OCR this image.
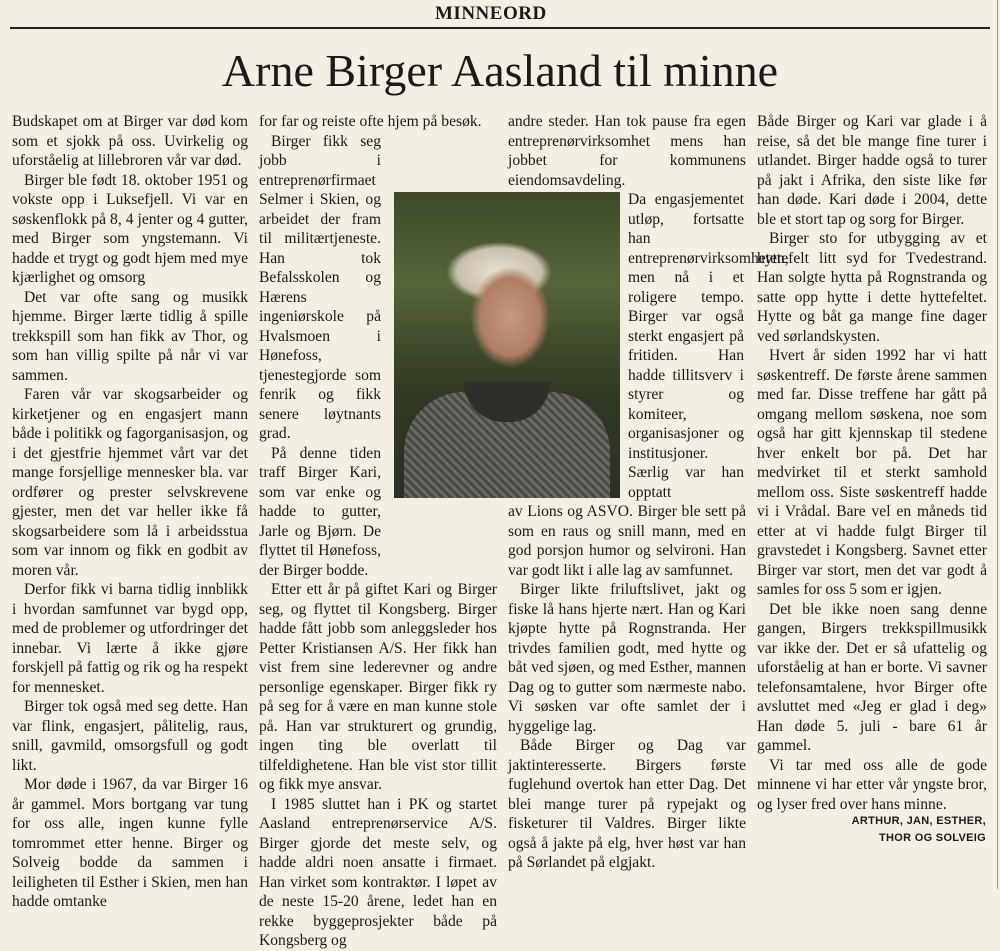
MINNEORD
Arne Birger Aasland til minne

Budskapet om at Birger var død kom som et sjokk på oss. Uvirkelig og uforståelig at lillebroren vår var død.

Birger ble født 18. oktober 1951 og vokste opp i Luksefjell. Vi var en søskenflokk på 8, 4 jenter og 4 gutter, med Birger som yngstemann. Vi hadde et trygt og godt hjem med mye kjærlighet og omsorg

Det var ofte sang og musikk hjemme. Birger lærte tidlig å spille trekkspill som han fikk av Thor, og som han villig spilte på når vi var sammen.

Faren vår var skogsarbeider og kirketjener og en engasjert mann både i politikk og fagorganisasjon, og i det gjestfrie hjemmet vårt var det mange forsjellige mennesker bla. var ordfører og prester selvskrevene gjester, men det var heller ikke få skogsarbeidere som lå i arbeidsstua som var innom og fikk en godbit av moren vår.

Derfor fikk vi barna tidlig innblikk i hvordan samfunnet var bygd opp, med de problemer og utfordringer det innebar. Vi lærte å ikke gjøre forskjell på fattig og rik og ha respekt for mennesket.

Birger tok også med seg dette. Han var flink, engasjert, pålitelig, raus, snill, gavmild, omsorgsfull og godt likt.

Mor døde i 1967, da var Birger 16 år gammel. Mors bortgang var tung for oss alle, ingen kunne fylle tomrommet etter henne. Birger og Solveig bodde da sammen i leiligheten til Esther i Skien, men han hadde omtanke

for far og reiste ofte hjem på besøk.

Birger fikk seg jobb i entreprenørfirmaet Selmer i Skien, og arbeidet der fram til militærtjeneste. Han tok Befalsskolen og Hærens ingeniørskole på Hvalsmoen i Hønefoss, tjenestegjorde som fenrik og fikk senere løytnants grad.

På denne tiden traff Birger Kari, som var enke og hadde to gutter, Jarle og Bjørn. De flyttet til Hønefoss, der Birger bodde.

Etter ett år på giftet Kari og Birger seg, og flyttet til Kongsberg. Birger hadde fått jobb som anleggsleder hos Petter Kristiansen A/S. Her fikk han vist frem sine lederevner og andre personlige egenskaper. Birger fikk ry på seg for å være en man kunne stole på. Han var strukturert og grundig, ingen ting ble overlatt til tilfeldighetene. Han ble vist stor tillit og fikk mye ansvar.

I 1985 sluttet han i PK og startet Aasland entreprenørservice A/S. Birger gjorde det meste selv, og hadde aldri noen ansatte i firmaet. Han virket som kontraktør. I løpet av de neste 15-20 årene, ledet han en rekke byggeprosjekter både på Kongsberg og

andre steder. Han tok pause fra egen entreprenørvirksomhet mens han jobbet for kommunens eiendomsavdeling.

Da engasjementet utløp, fortsatte han entreprenørvirksomheten, men nå i et roligere tempo. Birger var også sterkt engasjert på fritiden. Han hadde tillitsverv i styrer og komiteer, organisasjoner og institusjoner. Særlig var han opptatt

av Lions og ASVO. Birger ble sett på som en raus og snill mann, med en god porsjon humor og selvironi. Han var godt likt i alle lag av samfunnet.

Birger likte friluftslivet, jakt og fiske lå hans hjerte nært. Han og Kari kjøpte hytte på Rognstranda. Her trivdes familien godt, med hytte og båt ved sjøen, og med Esther, mannen Dag og to gutter som nærmeste nabo. Vi søsken var ofte samlet der i hyggelige lag.

Både Birger og Dag var jaktinteresserte. Birgers første fuglehund overtok han etter Dag. Det blei mange turer på rypejakt og fisketurer til Valdres. Birger likte også å jakte på elg, hver høst var han på Sørlandet på elgjakt.

Både Birger og Kari var glade i å reise, så det ble mange fine turer i utlandet. Birger hadde også to turer på jakt i Afrika, den siste like før han døde. Kari døde i 2004, dette ble et stort tap og sorg for Birger.

Birger sto for utbygging av et hyttefelt litt syd for Tvedestrand. Han solgte hytta på Rognstranda og satte opp hytte i dette hyttefeltet. Hytte og båt ga mange fine dager ved sørlandskysten.

Hvert år siden 1992 har vi hatt søskentreff. De første årene sammen med far. Disse treffene har gått på omgang mellom søskena, noe som også har gitt kjennskap til stedene hver enkelt bor på. Det har medvirket til et sterkt samhold mellom oss. Siste søskentreff hadde vi i Vrådal. Bare vel en måneds tid etter at vi hadde fulgt Birger til gravstedet i Kongsberg. Savnet etter Birger var stort, men det var godt å samles for oss 5 som er igjen.

Det ble ikke noen sang denne gangen, Birgers trekkspillmusikk var ikke der. Det er så ufattelig og uforståelig at han er borte. Vi savner telefonsamtalene, hvor Birger ofte avsluttet med «Jeg er glad i deg» Han døde 5. juli - bare 61 år gammel.

Vi tar med oss alle de gode minnene vi har etter vår yngste bror, og lyser fred over hans minne.

ARTHUR, JAN, ESTHER,
THOR OG SOLVEIG
